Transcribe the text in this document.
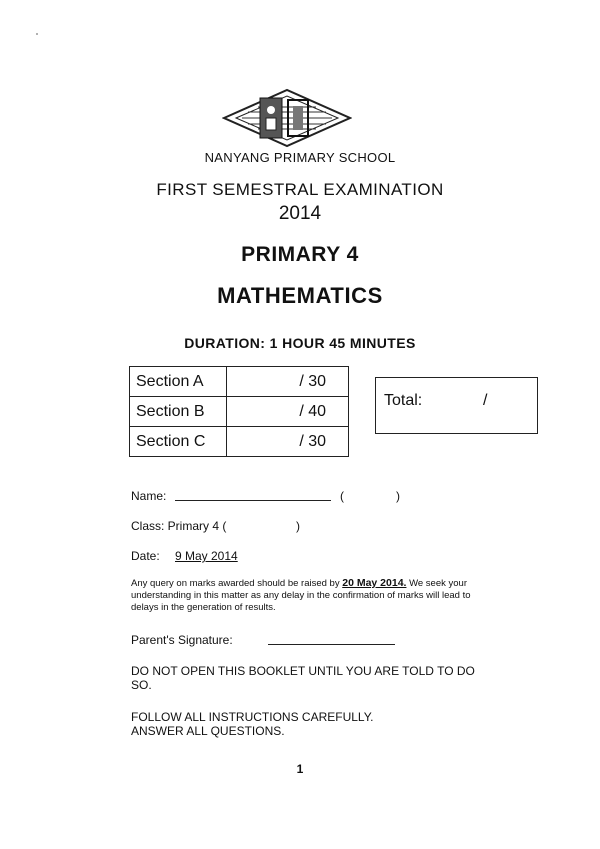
NANYANG PRIMARY SCHOOL
FIRST SEMESTRAL EXAMINATION
2014
PRIMARY 4
MATHEMATICS
DURATION: 1 HOUR 45 MINUTES
Section A	/ 30
Section B	/ 40
Section C	/ 30
Total:	/
Name:	(	)
Class: Primary 4 (	)
Date: 9 May 2014
Any query on marks awarded should be raised by 20 May 2014. We seek your understanding in this matter as any delay in the confirmation of marks will lead to delays in the generation of results.
Parent's Signature:
DO NOT OPEN THIS BOOKLET UNTIL YOU ARE TOLD TO DO SO.
FOLLOW ALL INSTRUCTIONS CAREFULLY.
ANSWER ALL QUESTIONS.
1
